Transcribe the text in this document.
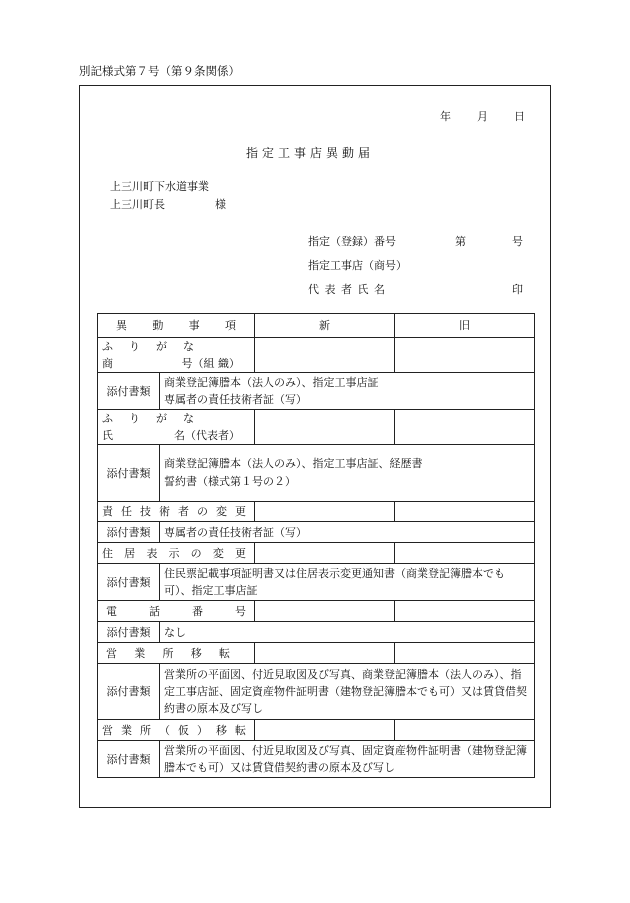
別記様式第７号（第９条関係）
年 月 日
指定工事店異動届
上三川町下水道事業
上三川町長	様
指定（登録）番号	第	号
指定工事店（商号）
代 表 者 氏 名	印
異動事項		新	旧

ふりがな
商 号（組 織）			

添付書類	商業登記簿謄本（法人のみ）、指定工事店証
専属者の責任技術者証（写）		

ふりがな
氏 名（代表者）			

添付書類	商業登記簿謄本（法人のみ）、指定工事店証、経歴書
誓約書（様式第１号の２）		

責任技術者の変更			

添付書類	専属者の責任技術者証（写）		

住居表示の変更			

添付書類	住民票記載事項証明書又は住居表示変更通知書（商業登記簿謄本でも可）、指定工事店証		

電話番号			

添付書類	なし		

営業所移転			

添付書類	営業所の平面図、付近見取図及び写真、商業登記簿謄本（法人のみ）、指定工事店証、固定資産物件証明書（建物登記簿謄本でも可）又は賃貸借契約書の原本及び写し		

営業所（仮）移転			

添付書類	営業所の平面図、付近見取図及び写真、固定資産物件証明書（建物登記簿謄本でも可）又は賃貸借契約書の原本及び写し		
